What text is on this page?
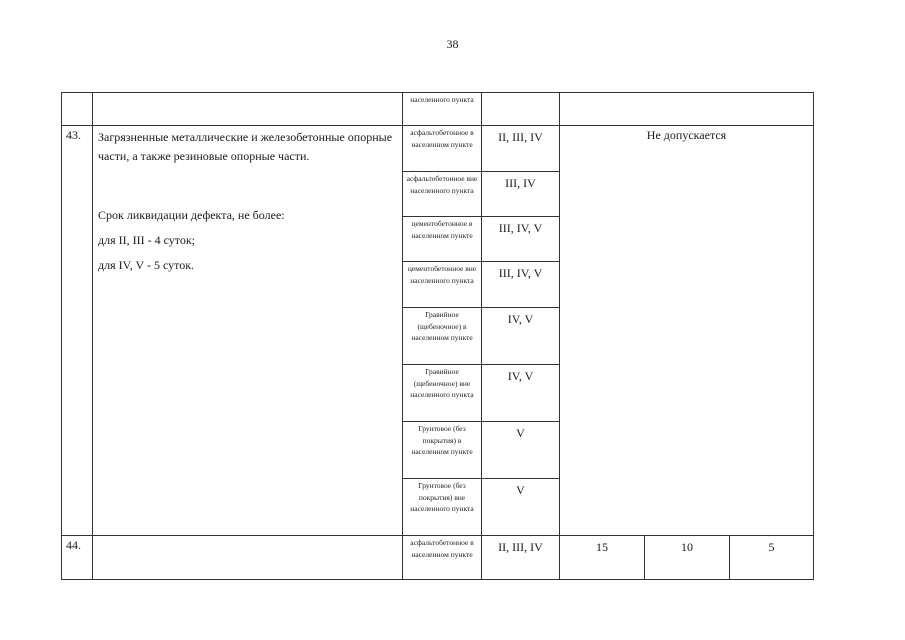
38
		населенного пункта				
43.	Загрязненные металлические и железобетонные опорные части, а также резиновые опорные части.

Срок ликвидации дефекта, не более:

для II, III - 4 суток;

для IV, V - 5 суток.	асфальтобетонное в населенном пункте	II, III, IV	Не допускается		
		асфальтобетонное вне населенного пункта	III, IV			
		цементобетонное в населенном пункте	III, IV, V			
		цементобетонное вне населенного пункта	III, IV, V			
		Гравийное (щебеночное) в населенном пункте	IV, V			
		Гравийное (щебеночное) вне населенного пункта	IV, V			
		Грунтовое (без покрытия) в населенном пункте	V			
		Грунтовое (без покрытия) вне населенного пункта	V			
44.		асфальтобетонное в населенном пункте	II, III, IV	15	10	5
